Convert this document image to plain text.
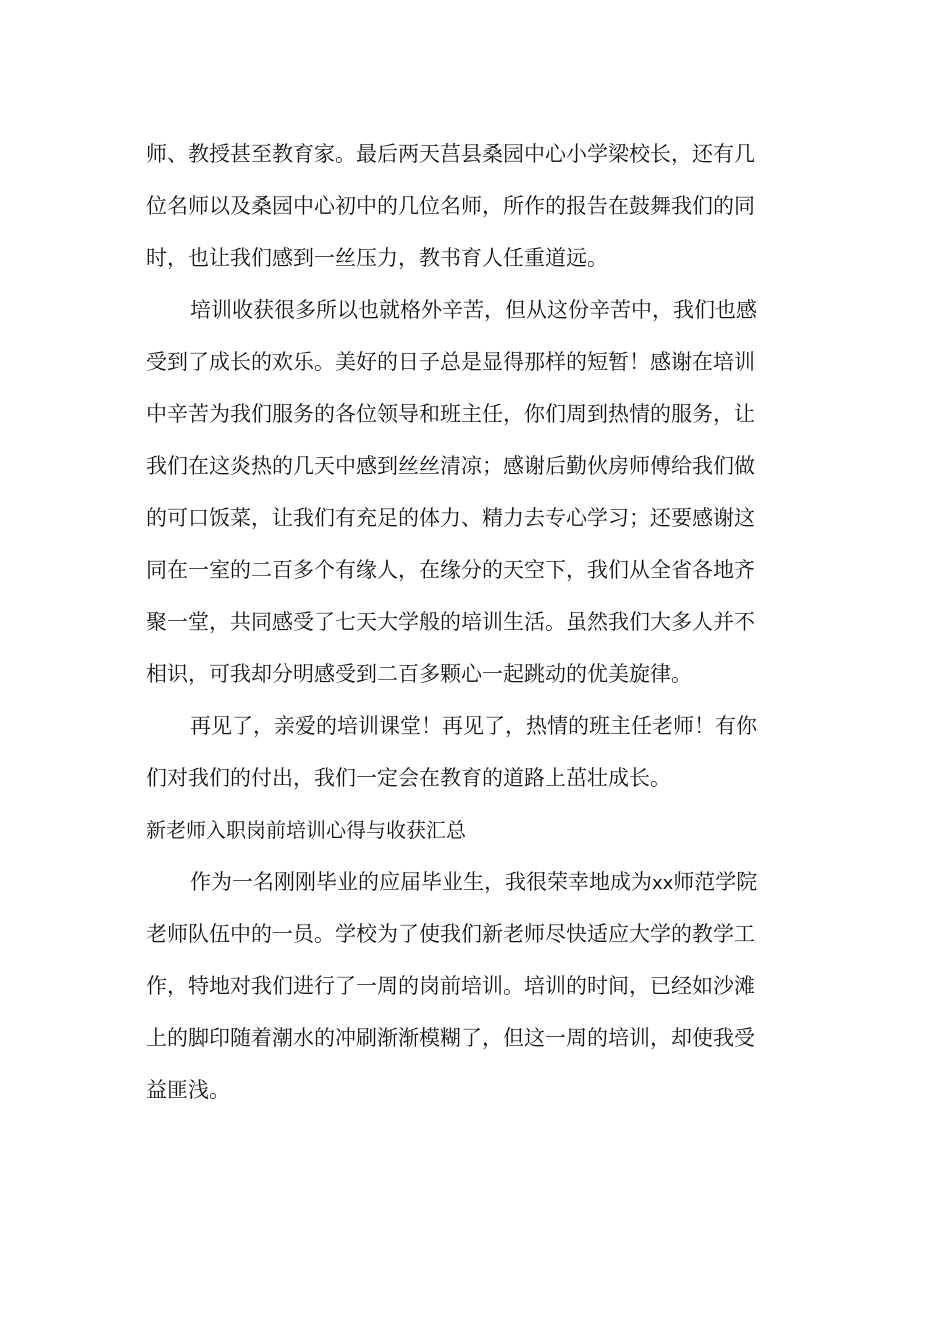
师、教授甚至教育家。最后两天莒县桑园中心小学梁校长，还有几
位名师以及桑园中心初中的几位名师，所作的报告在鼓舞我们的同
时，也让我们感到一丝压力，教书育人任重道远。
培训收获很多所以也就格外辛苦，但从这份辛苦中，我们也感
受到了成长的欢乐。美好的日子总是显得那样的短暂！感谢在培训
中辛苦为我们服务的各位领导和班主任，你们周到热情的服务，让
我们在这炎热的几天中感到丝丝清凉；感谢后勤伙房师傅给我们做
的可口饭菜，让我们有充足的体力、精力去专心学习；还要感谢这
同在一室的二百多个有缘人，在缘分的天空下，我们从全省各地齐
聚一堂，共同感受了七天大学般的培训生活。虽然我们大多人并不
相识，可我却分明感受到二百多颗心一起跳动的优美旋律。
再见了，亲爱的培训课堂！再见了，热情的班主任老师！有你
们对我们的付出，我们一定会在教育的道路上茁壮成长。
新老师入职岗前培训心得与收获汇总
作为一名刚刚毕业的应届毕业生，我很荣幸地成为xx师范学院
老师队伍中的一员。学校为了使我们新老师尽快适应大学的教学工
作，特地对我们进行了一周的岗前培训。培训的时间，已经如沙滩
上的脚印随着潮水的冲刷渐渐模糊了，但这一周的培训，却使我受
益匪浅。
